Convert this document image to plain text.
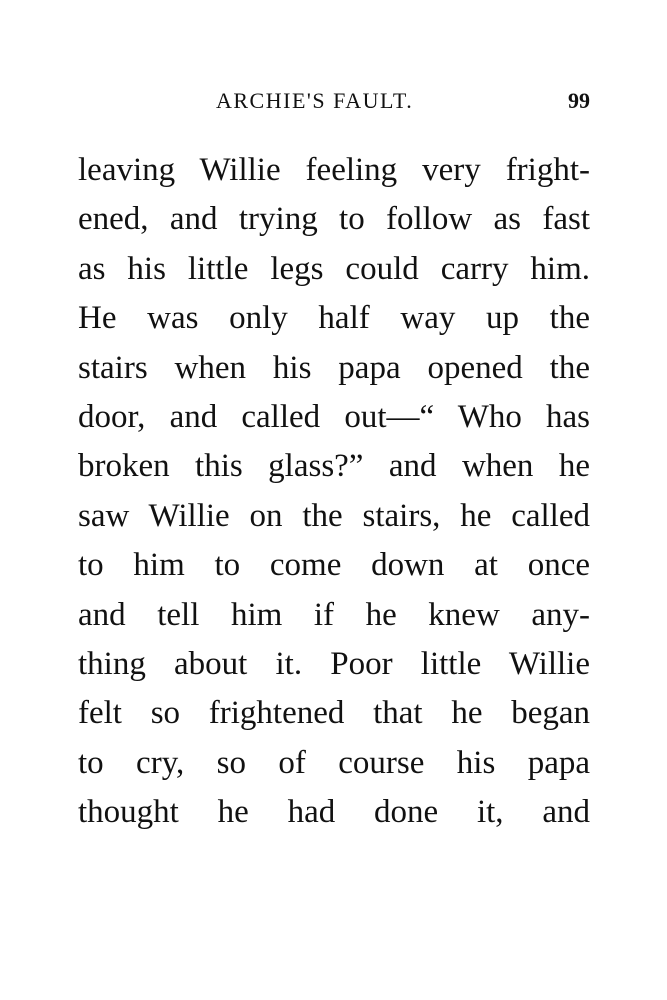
ARCHIE'S FAULT.	99
leaving Willie feeling very fright-
ened, and trying to follow as fast
as his little legs could carry him.
He was only half way up the
stairs when his papa opened the
door, and called out—“ Who has
broken this glass?” and when he
saw Willie on the stairs, he called
to him to come down at once
and tell him if he knew any-
thing about it. Poor little Willie
felt so frightened that he began
to cry, so of course his papa
thought he had done it, and
